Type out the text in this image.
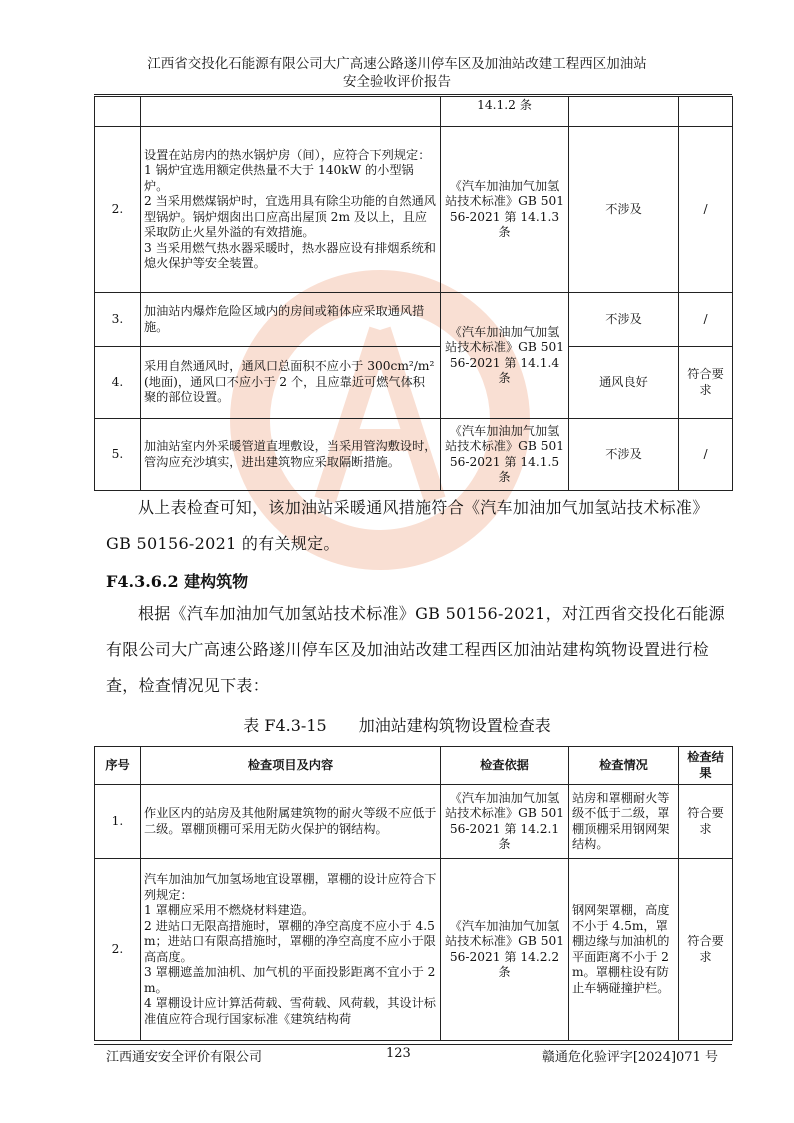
江西省交投化石能源有限公司大广高速公路遂川停车区及加油站改建工程西区加油站
安全验收评价报告
		14.1.2 条		
2.	设置在站房内的热水锅炉房（间），应符合下列规定：
1 锅炉宜选用额定供热量不大于 140kW 的小型锅炉。
2 当采用燃煤锅炉时，宜选用具有除尘功能的自然通风型锅炉。锅炉烟囱出口应高出屋顶 2m 及以上，且应采取防止火星外溢的有效措施。
3 当采用燃气热水器采暖时，热水器应设有排烟系统和熄火保护等安全装置。	《汽车加油加气加氢站技术标准》GB 50156-2021 第 14.1.3 条	不涉及	/
3.	加油站内爆炸危险区域内的房间或箱体应采取通风措施。	《汽车加油加气加氢站技术标准》GB 50156-2021 第 14.1.4 条	不涉及	/
4.	采用自然通风时，通风口总面积不应小于 300cm²/m²(地面)，通风口不应小于 2 个，且应靠近可燃气体积聚的部位设置。		通风良好	符合要求
5.	加油站室内外采暖管道直埋敷设，当采用管沟敷设时，管沟应充沙填实，进出建筑物应采取隔断措施。	《汽车加油加气加氢站技术标准》GB 50156-2021 第 14.1.5 条	不涉及	/
从上表检查可知，该加油站采暖通风措施符合《汽车加油加气加氢站技术标准》GB 50156-2021 的有关规定。
F4.3.6.2 建构筑物
根据《汽车加油加气加氢站技术标准》GB 50156-2021，对江西省交投化石能源有限公司大广高速公路遂川停车区及加油站改建工程西区加油站建构筑物设置进行检查，检查情况见下表：
表 F4.3-15　　加油站建构筑物设置检查表
序号	检查项目及内容	检查依据	检查情况	检查结果
1.	作业区内的站房及其他附属建筑物的耐火等级不应低于二级。罩棚顶棚可采用无防火保护的钢结构。	《汽车加油加气加氢站技术标准》GB 50156-2021 第 14.2.1 条	站房和罩棚耐火等级不低于二级，罩棚顶棚采用钢网架结构。	符合要求
2.	汽车加油加气加氢场地宜设罩棚，罩棚的设计应符合下列规定：
1 罩棚应采用不燃烧材料建造。
2 进站口无限高措施时，罩棚的净空高度不应小于 4.5m；进站口有限高措施时，罩棚的净空高度不应小于限高高度。
3 罩棚遮盖加油机、加气机的平面投影距离不宜小于 2m。
4 罩棚设计应计算活荷载、雪荷载、风荷载，其设计标准值应符合现行国家标准《建筑结构荷	《汽车加油加气加氢站技术标准》GB 50156-2021 第 14.2.2 条	钢网架罩棚，高度不小于 4.5m，罩棚边缘与加油机的平面距离不小于 2m。罩棚柱设有防止车辆碰撞护栏。	符合要求
江西通安安全评价有限公司	123	赣通危化验评字[2024]071 号
